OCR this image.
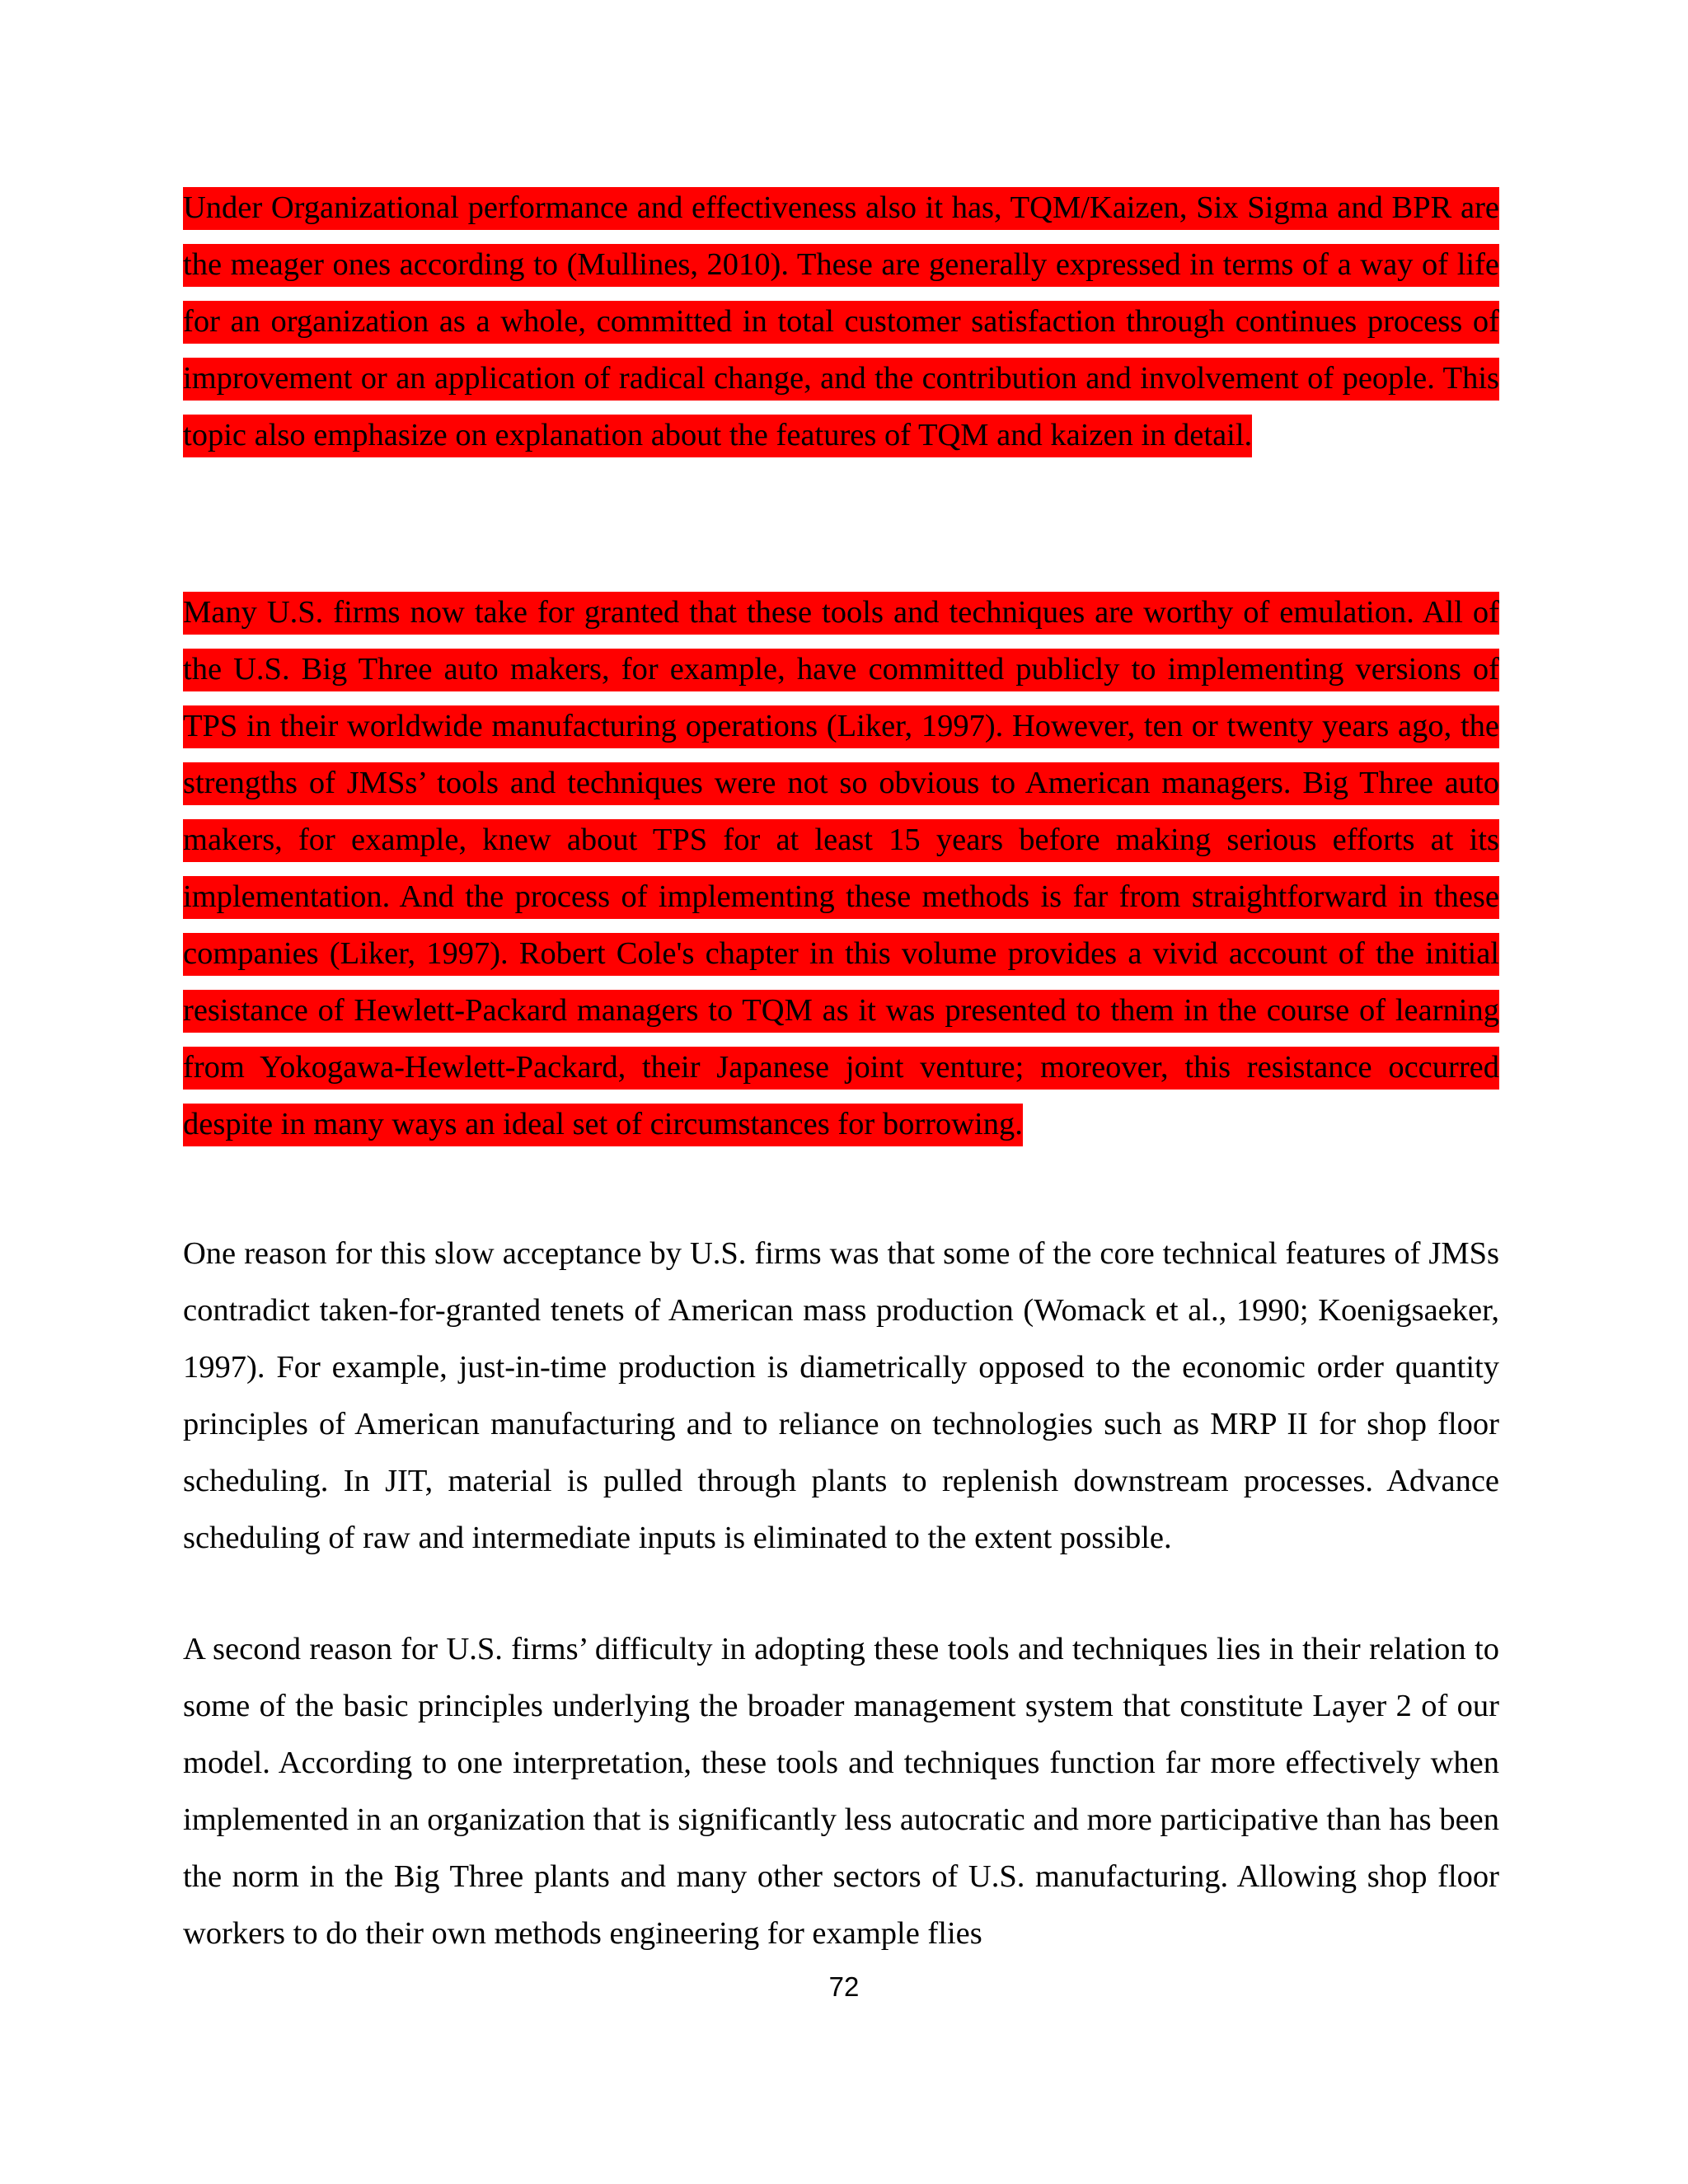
Under Organizational performance and effectiveness also it has, TQM/Kaizen, Six Sigma and BPR are the meager ones according to (Mullines, 2010). These are generally expressed in terms of a way of life for an organization as a whole, committed in total customer satisfaction through continues process of improvement or an application of radical change, and the contribution and involvement of people. This topic also emphasize on explanation about the features of TQM and kaizen in detail.

Many U.S. firms now take for granted that these tools and techniques are worthy of emulation. All of the U.S. Big Three auto makers, for example, have committed publicly to implementing versions of TPS in their worldwide manufacturing operations (Liker, 1997). However, ten or twenty years ago, the strengths of JMSs’ tools and techniques were not so obvious to American managers. Big Three auto makers, for example, knew about TPS for at least 15 years before making serious efforts at its implementation. And the process of implementing these methods is far from straightforward in these companies (Liker, 1997). Robert Cole's chapter in this volume provides a vivid account of the initial resistance of Hewlett-Packard managers to TQM as it was presented to them in the course of learning from Yokogawa-Hewlett-Packard, their Japanese joint venture; moreover, this resistance occurred despite in many ways an ideal set of circumstances for borrowing.

One reason for this slow acceptance by U.S. firms was that some of the core technical features of JMSs contradict taken-for-granted tenets of American mass production (Womack et al., 1990; Koenigsaeker, 1997). For example, just-in-time production is diametrically opposed to the economic order quantity principles of American manufacturing and to reliance on technologies such as MRP II for shop floor scheduling. In JIT, material is pulled through plants to replenish downstream processes. Advance scheduling of raw and intermediate inputs is eliminated to the extent possible.

A second reason for U.S. firms’ difficulty in adopting these tools and techniques lies in their relation to some of the basic principles underlying the broader management system that constitute Layer 2 of our model. According to one interpretation, these tools and techniques function far more effectively when implemented in an organization that is significantly less autocratic and more participative than has been the norm in the Big Three plants and many other sectors of U.S. manufacturing. Allowing shop floor workers to do their own methods engineering for example flies

72
